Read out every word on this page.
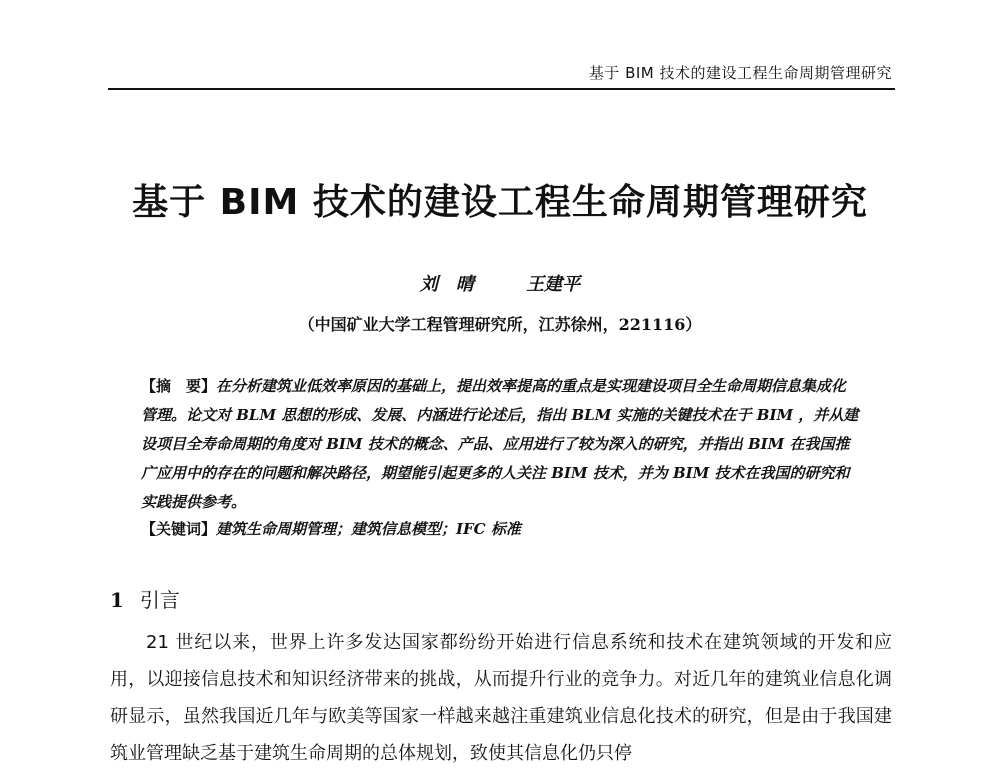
基于 BIM 技术的建设工程生命周期管理研究
基于 BIM 技术的建设工程生命周期管理研究
刘　晴	王建平
（中国矿业大学工程管理研究所，江苏徐州，221116）
【摘　要】在分析建筑业低效率原因的基础上，提出效率提高的重点是实现建设项目全生命周期信息集成化管理。论文对 BLM 思想的形成、发展、内涵进行论述后，指出 BLM 实施的关键技术在于 BIM ，并从建设项目全寿命周期的角度对 BIM 技术的概念、产品、应用进行了较为深入的研究，并指出 BIM 在我国推广应用中的存在的问题和解决路径，期望能引起更多的人关注 BIM 技术，并为 BIM 技术在我国的研究和实践提供参考。
【关键词】建筑生命周期管理；建筑信息模型；IFC 标准
1 引言
21 世纪以来，世界上许多发达国家都纷纷开始进行信息系统和技术在建筑领域的开发和应用，以迎接信息技术和知识经济带来的挑战，从而提升行业的竞争力。对近几年的建筑业信息化调研显示，虽然我国近几年与欧美等国家一样越来越注重建筑业信息化技术的研究，但是由于我国建筑业管理缺乏基于建筑生命周期的总体规划，致使其信息化仍只停
